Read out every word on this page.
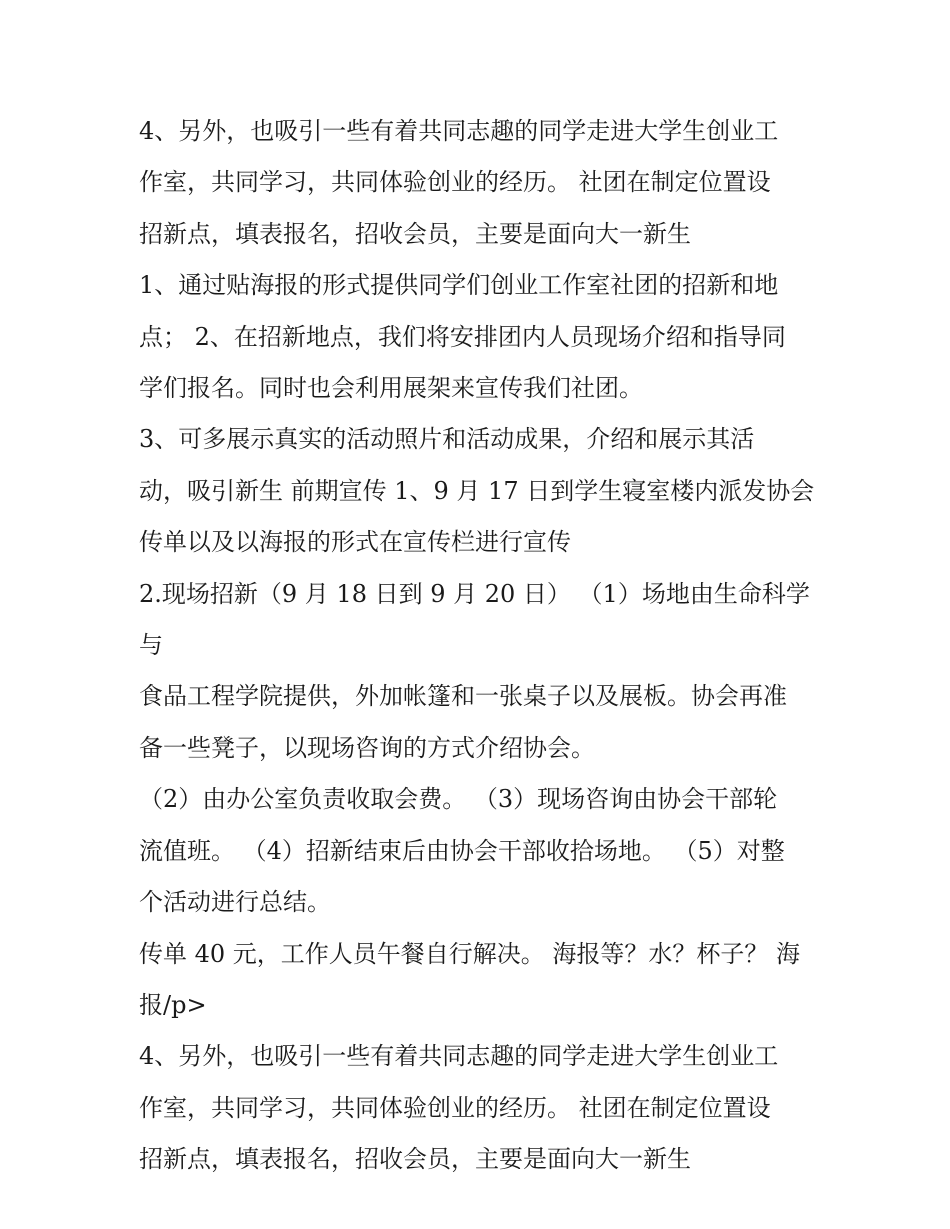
4、另外，也吸引一些有着共同志趣的同学走进大学生创业工
作室，共同学习，共同体验创业的经历。 社团在制定位置设
招新点，填表报名，招收会员，主要是面向大一新生

1、通过贴海报的形式提供同学们创业工作室社团的招新和地
点； 2、在招新地点，我们将安排团内人员现场介绍和指导同
学们报名。同时也会利用展架来宣传我们社团。

3、可多展示真实的活动照片和活动成果，介绍和展示其活
动，吸引新生 前期宣传 1、9 月 17 日到学生寝室楼内派发协会
传单以及以海报的形式在宣传栏进行宣传

2.现场招新（9 月 18 日到 9 月 20 日） （1）场地由生命科学与
食品工程学院提供，外加帐篷和一张桌子以及展板。协会再准
备一些凳子，以现场咨询的方式介绍协会。

（2）由办公室负责收取会费。 （3）现场咨询由协会干部轮
流值班。 （4）招新结束后由协会干部收拾场地。 （5）对整
个活动进行总结。

传单 40 元，工作人员午餐自行解决。 海报等？水？杯子？ 海
报/p>

4、另外，也吸引一些有着共同志趣的同学走进大学生创业工
作室，共同学习，共同体验创业的经历。 社团在制定位置设
招新点，填表报名，招收会员，主要是面向大一新生
